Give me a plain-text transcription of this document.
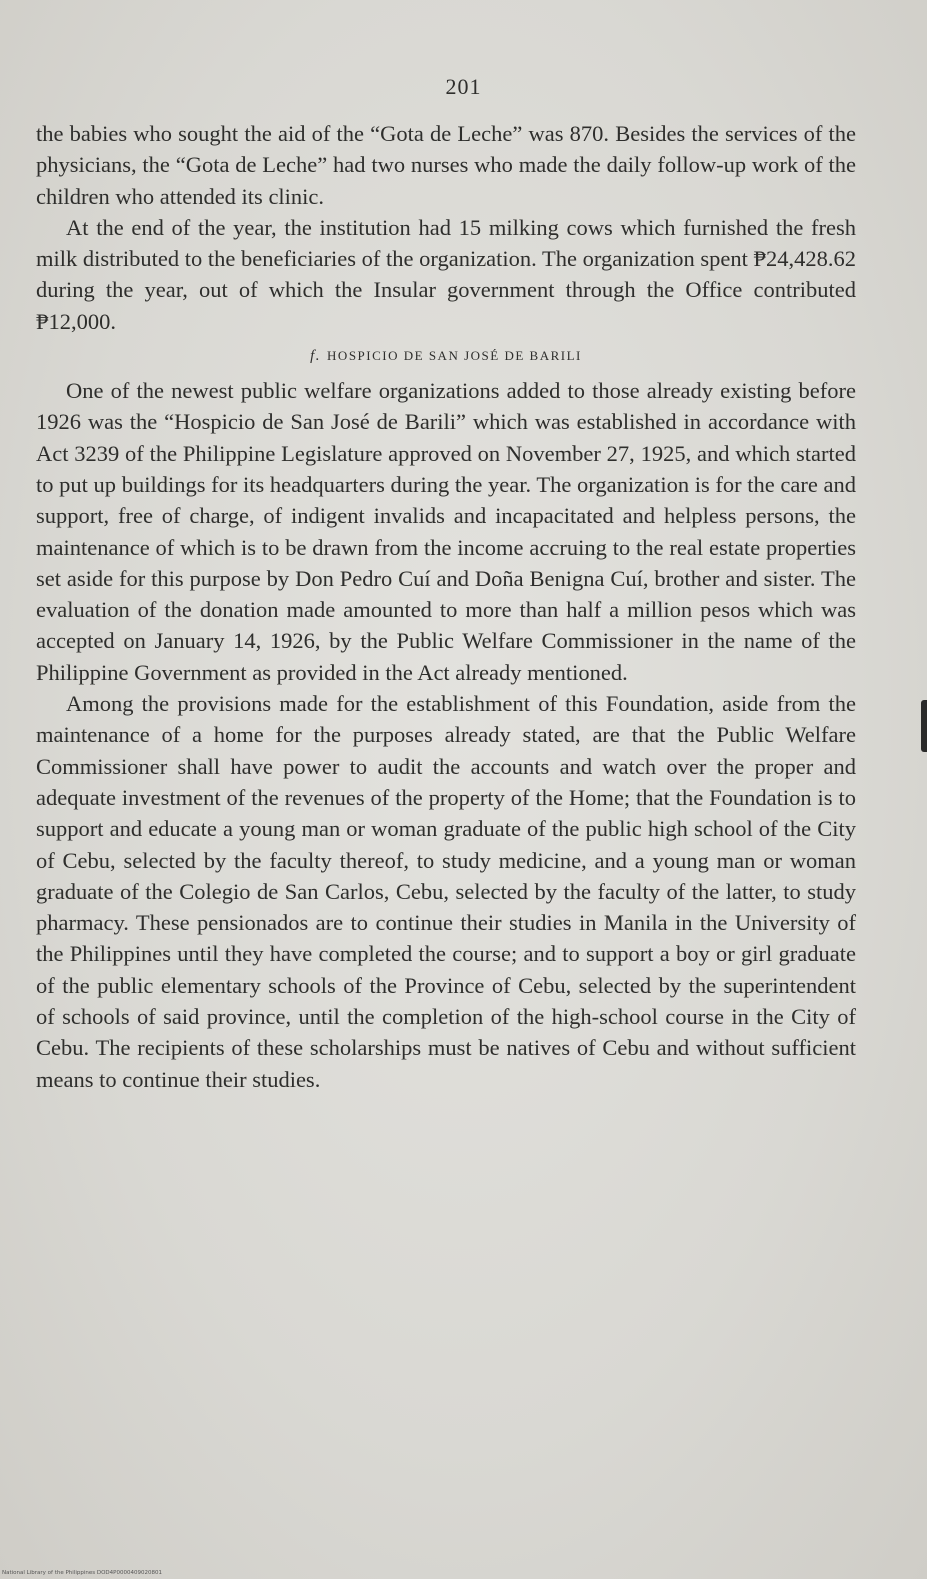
201

the babies who sought the aid of the “Gota de Leche” was 870. Besides the services of the physicians, the “Gota de Leche” had two nurses who made the daily follow-up work of the children who attended its clinic.

At the end of the year, the institution had 15 milking cows which furnished the fresh milk distributed to the beneficiaries of the organization. The organization spent ₱24,428.62 during the year, out of which the Insular government through the Office contributed ₱12,000.

f. HOSPICIO DE SAN JOSÉ DE BARILI

One of the newest public welfare organizations added to those already existing before 1926 was the “Hospicio de San José de Barili” which was established in accordance with Act 3239 of the Philippine Legislature approved on November 27, 1925, and which started to put up buildings for its headquarters during the year. The organization is for the care and support, free of charge, of indigent invalids and incapacitated and helpless persons, the maintenance of which is to be drawn from the income accruing to the real estate properties set aside for this purpose by Don Pedro Cuí and Doña Benigna Cuí, brother and sister. The evaluation of the donation made amounted to more than half a million pesos which was accepted on January 14, 1926, by the Public Welfare Commissioner in the name of the Philippine Government as provided in the Act already mentioned.

Among the provisions made for the establishment of this Foundation, aside from the maintenance of a home for the purposes already stated, are that the Public Welfare Commissioner shall have power to audit the accounts and watch over the proper and adequate investment of the revenues of the property of the Home; that the Foundation is to support and educate a young man or woman graduate of the public high school of the City of Cebu, selected by the faculty thereof, to study medicine, and a young man or woman graduate of the Colegio de San Carlos, Cebu, selected by the faculty of the latter, to study pharmacy. These pensionados are to continue their studies in Manila in the University of the Philippines until they have completed the course; and to support a boy or girl graduate of the public elementary schools of the Province of Cebu, selected by the superintendent of schools of said province, until the completion of the high-school course in the City of Cebu. The recipients of these scholarships must be natives of Cebu and without sufficient means to continue their studies.

National Library of the Philippines DOD4P0000409020801
